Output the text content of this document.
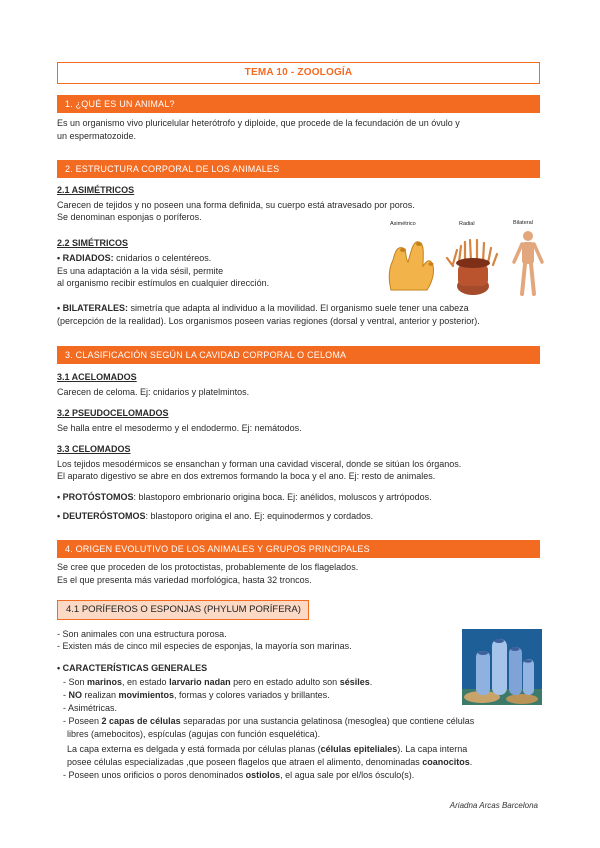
TEMA 10 - ZOOLOGÍA
1. ¿QUÉ ES UN ANIMAL?
Es un organismo vivo pluricelular heterótrofo y diploide, que procede de la fecundación de un óvulo y
un espermatozoide.
2. ESTRUCTURA CORPORAL DE LOS ANIMALES
2.1 ASIMÉTRICOS
Carecen de tejidos y no poseen una forma definida, su cuerpo está atravesado por poros.
Se denominan esponjas o poríferos.
2.2 SIMÉTRICOS
• RADIADOS: cnidarios o celentéreos.
Es una adaptación a la vida sésil, permite
al organismo recibir estímulos en cualquier dirección.
• BILATERALES: simetría que adapta al individuo a la movilidad. El organismo suele tener una cabeza
(percepción de la realidad). Los organismos poseen varias regiones (dorsal y ventral, anterior y posterior).
Asimétrico	Radial	Bilateral
3. CLASIFICACIÓN SEGÚN LA CAVIDAD CORPORAL O CELOMA
3.1 ACELOMADOS
Carecen de celoma. Ej: cnidarios y platelmintos.
3.2 PSEUDOCELOMADOS
Se halla entre el mesodermo y el endodermo. Ej: nemátodos.
3.3 CELOMADOS
Los tejidos mesodérmicos se ensanchan y forman una cavidad visceral, donde se sitúan los órganos.
El aparato digestivo se abre en dos extremos formando la boca y el ano. Ej: resto de animales.
• PROTÓSTOMOS: blastoporo embrionario origina boca. Ej: anélidos, moluscos y artrópodos.
• DEUTERÓSTOMOS: blastoporo origina el ano. Ej: equinodermos y cordados.
4. ORIGEN EVOLUTIVO DE LOS ANIMALES Y GRUPOS PRINCIPALES
Se cree que proceden de los protoctistas, probablemente de los flagelados.
Es el que presenta más variedad morfológica, hasta 32 troncos.
4.1 PORÍFEROS O ESPONJAS (PHYLUM PORÍFERA)
- Son animales con una estructura porosa.
- Existen más de cinco mil especies de esponjas, la mayoría son marinas.
• CARACTERÍSTICAS GENERALES
- Son marinos, en estado larvario nadan pero en estado adulto son sésiles.
- NO realizan movimientos, formas y colores variados y brillantes.
- Asimétricas.
- Poseen 2 capas de células separadas por una sustancia gelatinosa (mesoglea) que contiene células
libres (amebocitos), espículas (agujas con función esquelética).
La capa externa es delgada y está formada por células planas (células epiteliales). La capa interna
posee células especializadas ,que poseen flagelos que atraen el alimento, denominadas coanocitos.
- Poseen unos orificios o poros denominados ostiolos, el agua sale por el/los ósculo(s).
Ariadna Arcas Barcelona
